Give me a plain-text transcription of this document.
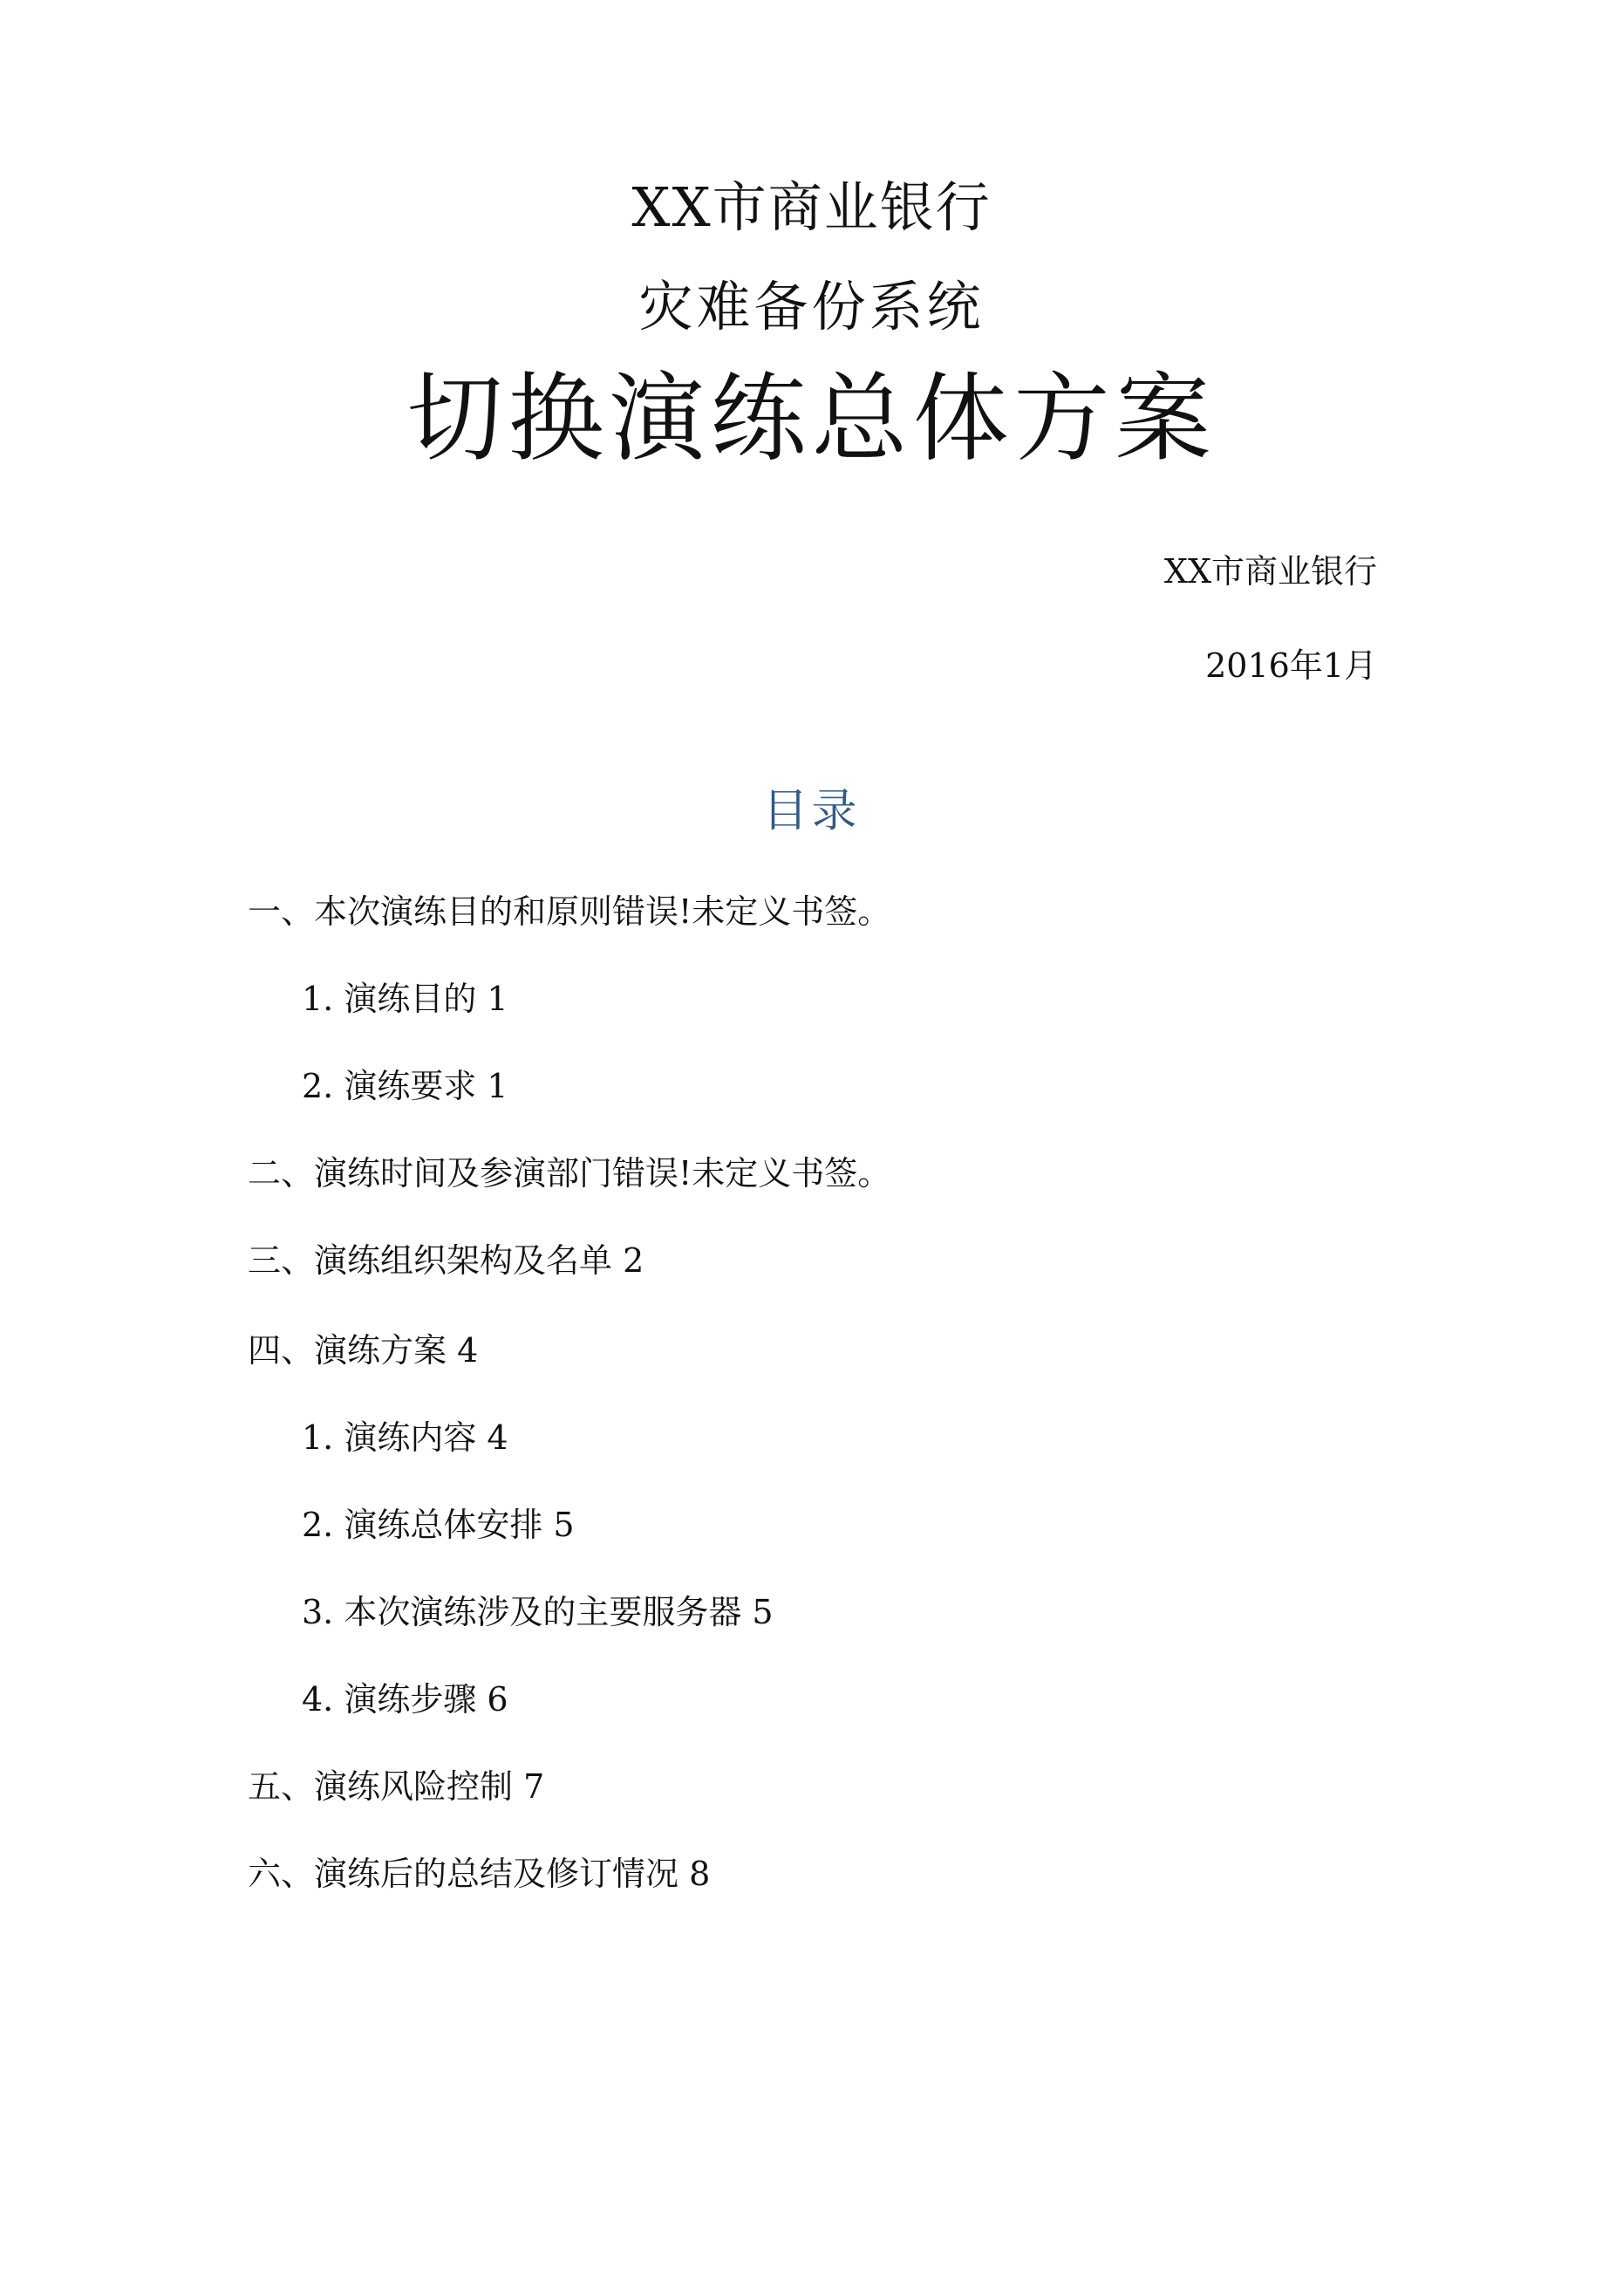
XX市商业银行
灾难备份系统
切换演练总体方案
XX市商业银行
2016年1月
目录
一、本次演练目的和原则错误!未定义书签。
1. 演练目的 1
2. 演练要求 1
二、演练时间及参演部门错误!未定义书签。
三、演练组织架构及名单 2
四、演练方案 4
1. 演练内容 4
2. 演练总体安排 5
3. 本次演练涉及的主要服务器 5
4. 演练步骤 6
五、演练风险控制 7
六、演练后的总结及修订情况 8
